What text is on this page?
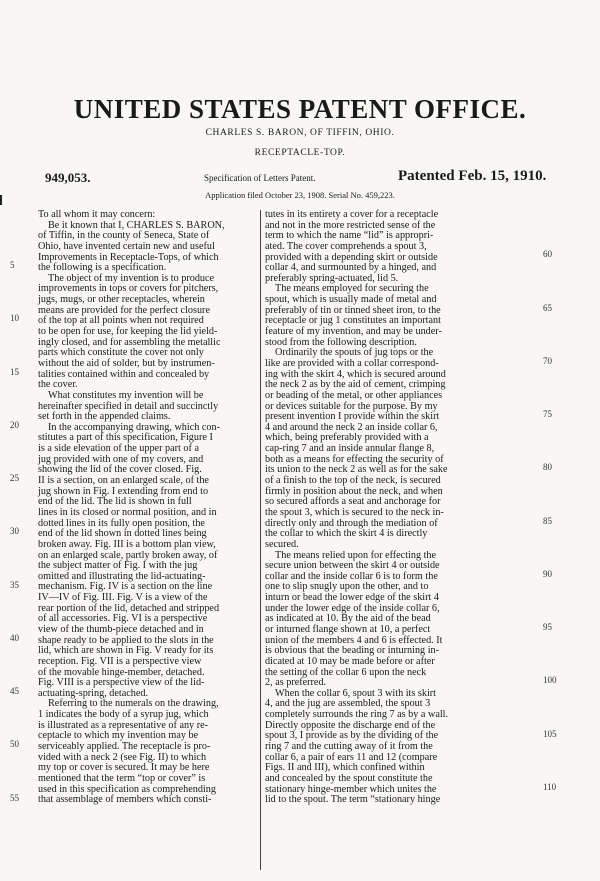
UNITED STATES PATENT OFFICE.
CHARLES S. BARON, OF TIFFIN, OHIO.
RECEPTACLE-TOP.
949,053.	Specification of Letters Patent.	Patented Feb. 15, 1910.
Application filed October 23, 1908. Serial No. 459,223.
To all whom it may concern:
Be it known that I, CHARLES S. BARON,
of Tiffin, in the county of Seneca, State of
Ohio, have invented certain new and useful
Improvements in Receptacle-Tops, of which
the following is a specification.
The object of my invention is to produce
improvements in tops or covers for pitchers,
jugs, mugs, or other receptacles, wherein
means are provided for the perfect closure
of the top at all points when not required
to be open for use, for keeping the lid yield-
ingly closed, and for assembling the metallic
parts which constitute the cover not only
without the aid of solder, but by instrumen-
talities contained within and concealed by
the cover.
What constitutes my invention will be
hereinafter specified in detail and succinctly
set forth in the appended claims.
In the accompanying drawing, which con-
stitutes a part of this specification, Figure I
is a side elevation of the upper part of a
jug provided with one of my covers, and
showing the lid of the cover closed. Fig.
II is a section, on an enlarged scale, of the
jug shown in Fig. I extending from end to
end of the lid. The lid is shown in full
lines in its closed or normal position, and in
dotted lines in its fully open position, the
end of the lid shown in dotted lines being
broken away. Fig. III is a bottom plan view,
on an enlarged scale, partly broken away, of
the subject matter of Fig. I with the jug
omitted and illustrating the lid-actuating-
mechanism. Fig. IV is a section on the line
IV—IV of Fig. III. Fig. V is a view of the
rear portion of the lid, detached and stripped
of all accessories. Fig. VI is a perspective
view of the thumb-piece detached and in
shape ready to be applied to the slots in the
lid, which are shown in Fig. V ready for its
reception. Fig. VII is a perspective view
of the movable hinge-member, detached.
Fig. VIII is a perspective view of the lid-
actuating-spring, detached.
Referring to the numerals on the drawing,
1 indicates the body of a syrup jug, which
is illustrated as a representative of any re-
ceptacle to which my invention may be
serviceably applied. The receptacle is pro-
vided with a neck 2 (see Fig. II) to which
my top or cover is secured. It may be here
mentioned that the term “top or cover” is
used in this specification as comprehending
that assemblage of members which consti-
tutes in its entirety a cover for a receptacle
and not in the more restricted sense of the
term to which the name “lid” is appropri-
ated. The cover comprehends a spout 3,
provided with a depending skirt or outside
collar 4, and surmounted by a hinged, and
preferably spring-actuated, lid 5.
The means employed for securing the
spout, which is usually made of metal and
preferably of tin or tinned sheet iron, to the
receptacle or jug 1 constitutes an important
feature of my invention, and may be under-
stood from the following description.
Ordinarily the spouts of jug tops or the
like are provided with a collar correspond-
ing with the skirt 4, which is secured around
the neck 2 as by the aid of cement, crimping
or beading of the metal, or other appliances
or devices suitable for the purpose. By my
present invention I provide within the skirt
4 and around the neck 2 an inside collar 6,
which, being preferably provided with a
cap-ring 7 and an inside annular flange 8,
both as a means for effecting the security of
its union to the neck 2 as well as for the sake
of a finish to the top of the neck, is secured
firmly in position about the neck, and when
so secured affords a seat and anchorage for
the spout 3, which is secured to the neck in-
directly only and through the mediation of
the collar to which the skirt 4 is directly
secured.
The means relied upon for effecting the
secure union between the skirt 4 or outside
collar and the inside collar 6 is to form the
one to slip snugly upon the other, and to
inturn or bead the lower edge of the skirt 4
under the lower edge of the inside collar 6,
as indicated at 10. By the aid of the bead
or inturned flange shown at 10, a perfect
union of the members 4 and 6 is effected. It
is obvious that the beading or inturning in-
dicated at 10 may be made before or after
the setting of the collar 6 upon the neck
2, as preferred.
When the collar 6, spout 3 with its skirt
4, and the jug are assembled, the spout 3
completely surrounds the ring 7 as by a wall.
Directly opposite the discharge end of the
spout 3, I provide as by the dividing of the
ring 7 and the cutting away of it from the
collar 6, a pair of ears 11 and 12 (compare
Figs. II and III), which confined within
and concealed by the spout constitute the
stationary hinge-member which unites the
lid to the spout. The term “stationary hinge
5
10
15
20
25
30
35
40
45
50
55
60
65
70
75
80
85
90
95
100
105
110
